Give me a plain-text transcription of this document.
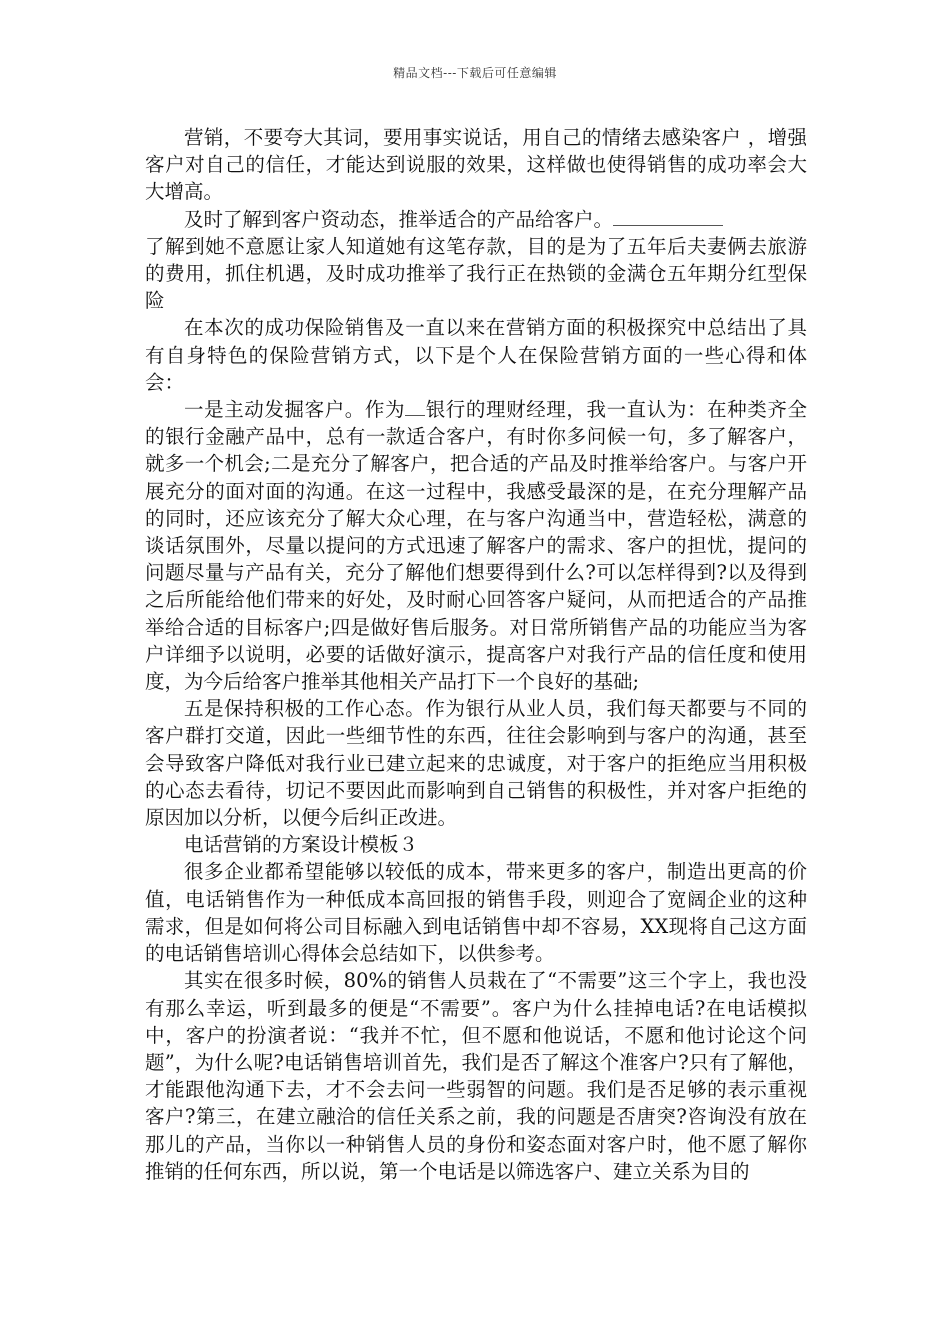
精品文档---下载后可任意编辑

营销，不要夸大其词，要用事实说话，用自己的情绪去感染客户 ，增强客户对自己的信任，才能达到说服的效果，这样做也使得销售的成功率会大大增高。

及时了解到客户资动态，推举适合的产品给客户。

了解到她不意愿让家人知道她有这笔存款，目的是为了五年后夫妻俩去旅游的费用，抓住机遇，及时成功推举了我行正在热锁的金满仓五年期分红型保险

在本次的成功保险销售及一直以来在营销方面的积极探究中总结出了具有自身特色的保险营销方式，以下是个人在保险营销方面的一些心得和体会：

一是主动发掘客户。作为 银行的理财经理，我一直认为：在种类齐全的银行金融产品中，总有一款适合客户，有时你多问候一句，多了解客户，就多一个机会;二是充分了解客户，把合适的产品及时推举给客户。与客户开展充分的面对面的沟通。在这一过程中，我感受最深的是，在充分理解产品的同时，还应该充分了解大众心理，在与客户沟通当中，营造轻松，满意的谈话氛围外，尽量以提问的方式迅速了解客户的需求、客户的担忧，提问的问题尽量与产品有关，充分了解他们想要得到什么?可以怎样得到?以及得到之后所能给他们带来的好处，及时耐心回答客户疑问，从而把适合的产品推举给合适的目标客户;四是做好售后服务。对日常所销售产品的功能应当为客户详细予以说明，必要的话做好演示，提高客户对我行产品的信任度和使用度，为今后给客户推举其他相关产品打下一个良好的基础;

五是保持积极的工作心态。作为银行从业人员，我们每天都要与不同的客户群打交道，因此一些细节性的东西，往往会影响到与客户的沟通，甚至会导致客户降低对我行业已建立起来的忠诚度，对于客户的拒绝应当用积极的心态去看待，切记不要因此而影响到自己销售的积极性，并对客户拒绝的原因加以分析，以便今后纠正改进。

电话营销的方案设计模板３

很多企业都希望能够以较低的成本，带来更多的客户，制造出更高的价值，电话销售作为一种低成本高回报的销售手段，则迎合了宽阔企业的这种需求，但是如何将公司目标融入到电话销售中却不容易，XX现将自己这方面的电话销售培训心得体会总结如下，以供参考。

其实在很多时候，80%的销售人员栽在了“不需要”这三个字上，我也没有那么幸运，听到最多的便是“不需要”。客户为什么挂掉电话?在电话模拟中，客户的扮演者说：“我并不忙，但不愿和他说话，不愿和他讨论这个问题”，为什么呢?电话销售培训首先，我们是否了解这个准客户?只有了解他，才能跟他沟通下去，才不会去问一些弱智的问题。我们是否足够的表示重视客户?第三，在建立融洽的信任关系之前，我的问题是否唐突?咨询没有放在那儿的产品，当你以一种销售人员的身份和姿态面对客户时，他不愿了解你推销的任何东西，所以说，第一个电话是以筛选客户、建立关系为目的
